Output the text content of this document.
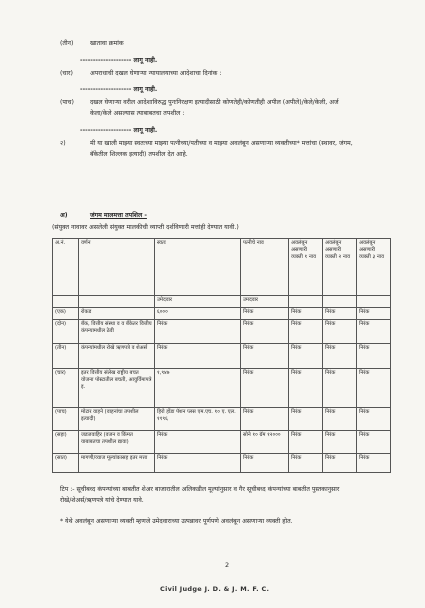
(तीन)	खातावा क्रमांक
-------------------- लागू नाही.
(चार)	अपराधाची दखल घेणाऱ्या न्यायालयाच्या आदेशाचा दिनांक :
-------------------- लागू नाही.
(पाच)	दखल घेणाऱ्या वरील आदेशाविरुद्ध पुनःनिरक्षण इत्यादीसाठी कोणतेही/कोणतीही अपील (अपीले)/केले/केली, अर्ज
केला/केले असल्यास त्याबाबतचा तपशील :
-------------------- लागू नाही.
२)	मी या खाली माझ्या स्वतःच्या माझ्या पत्नीच्या/पतीच्या व माझ्या अवलंबून असणाऱ्या व्यक्तीच्या* मत्तांचा (स्थावर, जंगम,
बॅकेतील शिल्लक इत्यादी) तपशील देत आहे.
अ)	जंगम मालमत्ता तपशिल -
(संयुक्त नावावर असलेली संयुक्त मालकीची व्याप्ती दर्शविणारी मत्तांही देण्यात यावी.)
अ.नं.	वर्णन	स्वतः	पत्नीचे नाव	अवलंबून असणारी व्यक्ती १ नाव	अवलंबून असणारी व्यक्ती २ नाव	अवलंबून असणारी व्यक्ती ३ नाव
		उमेदवार	उमदवार			
(एक)	रोकड	६०००	निरंक	निरंक	निरंक	निरंक
(दोन)	बँक, वित्तीय संस्था व व बँकेतर वित्तीय कंपन्यामधील ठेवी	निरंक	निरंक	निरंक	निरंक	निरंक
(तीन)	कंपन्यांमधील रोखे ऋणपत्रे व शेअर्स	निरंक	निरंक	निरंक	निरंक	निरंक
(चार)	इतर वित्तीय संलेख राष्ट्रीय बचत योजना पोस्टातील बचती, आयुर्विमापत्रे इ.	१,९४७	निरंक	निरंक	निरंक	निरंक
(पाच)	मोटार वाहने (वाहनांचा तपशील इत्यादी)	हिरो होंडा पॅशन प्लस एम.एच. १० ए. एल. ११९६	निरंक	निरंक	निरंक	निरंक
(सहा)	जडजवाहिर (वजन व किंमत याबाबतचा तपशील द्यावा)	निरंक	सोने १० ग्रॅम १२०००	निरंक	निरंक	निरंक
(सात)	मागणी/व्याज मूल्यांकासह इतर मत्ता	निरंक	निरंक	निरंक	निरंक	निरंक
टिप :- सूचीबध्द कंपन्यांच्या बाबतीत शेअर बाजारातील अलिकडील मूल्यांनुसार व गैर सूचीबध्द कंपन्यांच्या बाबतीत पुस्तकानुसार
रोखे/शेअर्स/ऋणपत्रे यांचे देण्यात यावे.
* येथे अवलंबून असणाऱ्या व्यक्ती म्हणजे उमेदवाराच्या उत्पन्नावर पूर्णपणे अवलंबून असणाऱ्या व्यक्ती होत.
2
Civil Judge J. D. & J. M. F. C.
